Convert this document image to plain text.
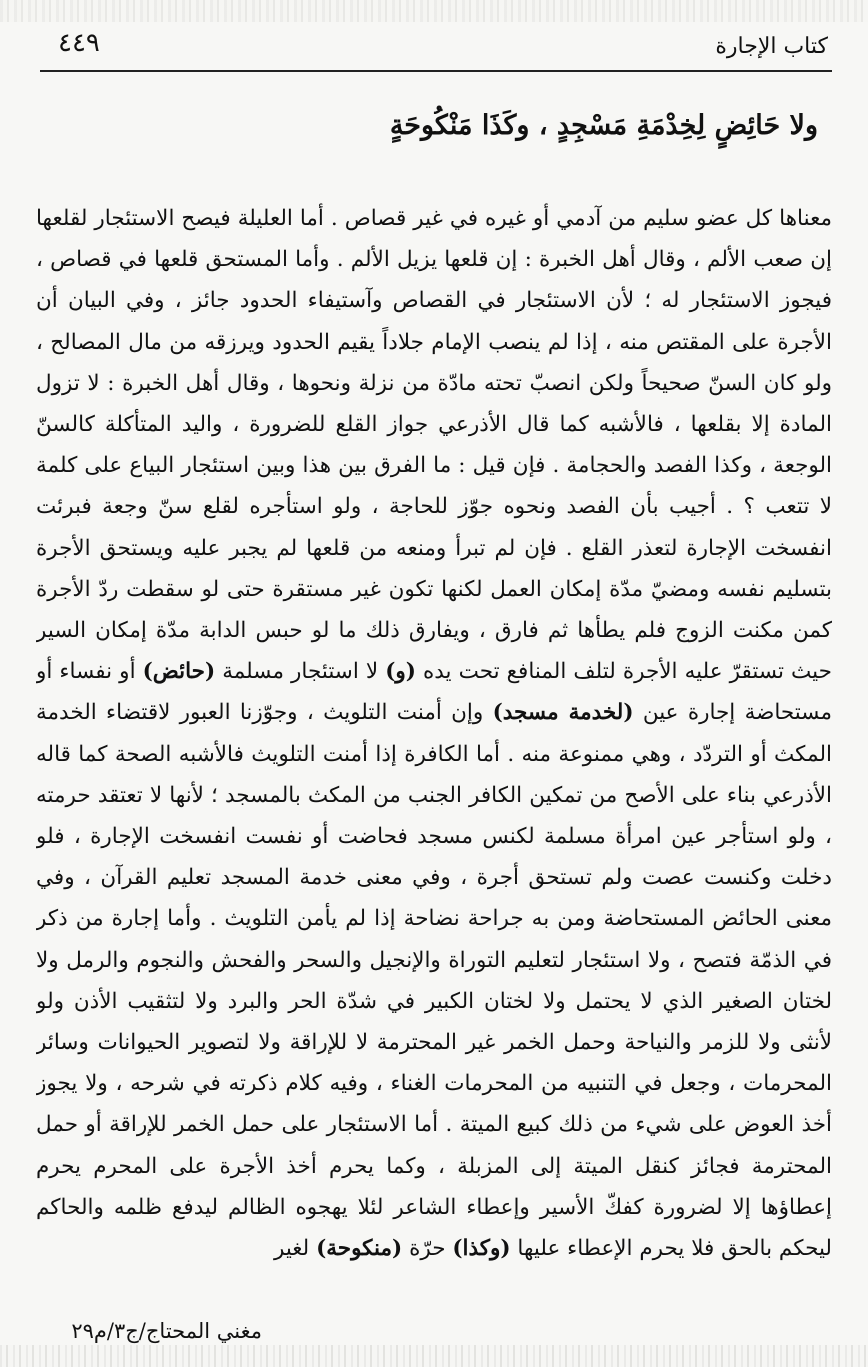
٤٤٩	كتاب الإجارة
ولا حَائِضٍ لِخِدْمَةِ مَسْجِدٍ ، وكَذَا مَنْكُوحَةٍ
معناها كل عضو سليم من آدمي أو غيره في غير قصاص . أما العليلة فيصح الاستئجار لقلعها إن صعب الألم ، وقال أهل الخبرة : إن قلعها يزيل الألم . وأما المستحق قلعها في قصاص ، فيجوز الاستئجار له ؛ لأن الاستئجار في القصاص وآستيفاء الحدود جائز ، وفي البيان أن الأجرة على المقتص منه ، إذا لم ينصب الإمام جلاداً يقيم الحدود ويرزقه من مال المصالح ، ولو كان السنّ صحيحاً ولكن انصبّ تحته مادّة من نزلة ونحوها ، وقال أهل الخبرة : لا تزول المادة إلا بقلعها ، فالأشبه كما قال الأذرعي جواز القلع للضرورة ، واليد المتأكلة كالسنّ الوجعة ، وكذا الفصد والحجامة . فإن قيل : ما الفرق بين هذا وبين استئجار البياع على كلمة لا تتعب ؟ . أجيب بأن الفصد ونحوه جوّز للحاجة ، ولو استأجره لقلع سنّ وجعة فبرئت انفسخت الإجارة لتعذر القلع . فإن لم تبرأ ومنعه من قلعها لم يجبر عليه ويستحق الأجرة بتسليم نفسه ومضيّ مدّة إمكان العمل لكنها تكون غير مستقرة حتى لو سقطت ردّ الأجرة كمن مكنت الزوج فلم يطأها ثم فارق ، ويفارق ذلك ما لو حبس الدابة مدّة إمكان السير حيث تستقرّ عليه الأجرة لتلف المنافع تحت يده (و) لا استئجار مسلمة (حائض) أو نفساء أو مستحاضة إجارة عين (لخدمة مسجد) وإن أمنت التلويث ، وجوّزنا العبور لاقتضاء الخدمة المكث أو التردّد ، وهي ممنوعة منه . أما الكافرة إذا أمنت التلويث فالأشبه الصحة كما قاله الأذرعي بناء على الأصح من تمكين الكافر الجنب من المكث بالمسجد ؛ لأنها لا تعتقد حرمته ، ولو استأجر عين امرأة مسلمة لكنس مسجد فحاضت أو نفست انفسخت الإجارة ، فلو دخلت وكنست عصت ولم تستحق أجرة ، وفي معنى خدمة المسجد تعليم القرآن ، وفي معنى الحائض المستحاضة ومن به جراحة نضاحة إذا لم يأمن التلويث . وأما إجارة من ذكر في الذمّة فتصح ، ولا استئجار لتعليم التوراة والإنجيل والسحر والفحش والنجوم والرمل ولا لختان الصغير الذي لا يحتمل ولا لختان الكبير في شدّة الحر والبرد ولا لتثقيب الأذن ولو لأنثى ولا للزمر والنياحة وحمل الخمر غير المحترمة لا للإراقة ولا لتصوير الحيوانات وسائر المحرمات ، وجعل في التنبيه من المحرمات الغناء ، وفيه كلام ذكرته في شرحه ، ولا يجوز أخذ العوض على شيء من ذلك كبيع الميتة . أما الاستئجار على حمل الخمر للإراقة أو حمل المحترمة فجائز كنقل الميتة إلى المزبلة ، وكما يحرم أخذ الأجرة على المحرم يحرم إعطاؤها إلا لضرورة كفكّ الأسير وإعطاء الشاعر لئلا يهجوه الظالم ليدفع ظلمه والحاكم ليحكم بالحق فلا يحرم الإعطاء عليها (وكذا) حرّة (منكوحة) لغير
مغني المحتاج/ج٣/م٢٩
